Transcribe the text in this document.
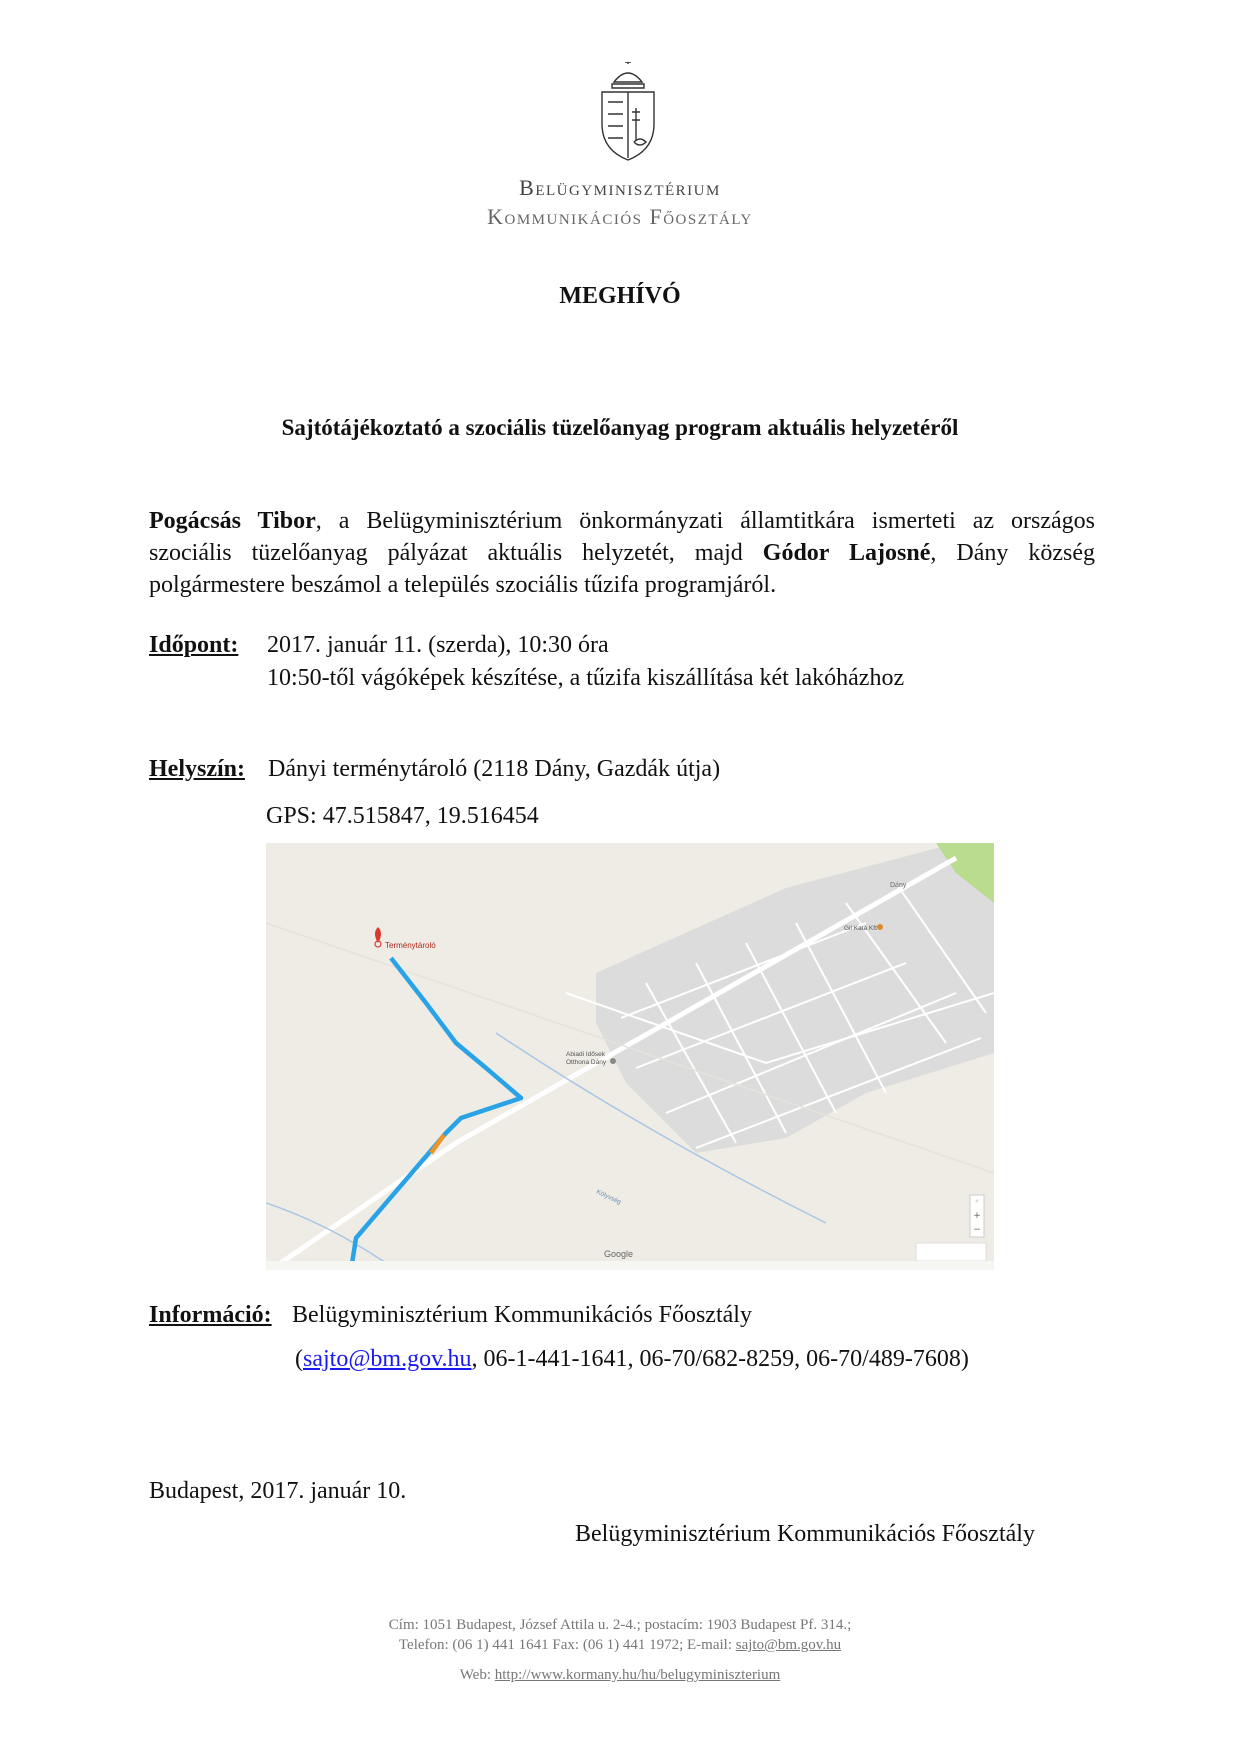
Belügyminisztérium
Kommunikációs Főosztály
MEGHÍVÓ
Sajtótájékoztató a szociális tüzelőanyag program aktuális helyzetéről
Pogácsás Tibor, a Belügyminisztérium önkormányzati államtitkára ismerteti az országos szociális tüzelőanyag pályázat aktuális helyzetét, majd Gódor Lajosné, Dány község polgármestere beszámol a település szociális tűzifa programjáról.
Időpont: 2017. január 11. (szerda), 10:30 óra
10:50-től vágóképek készítése, a tűzifa kiszállítása két lakóházhoz
Helyszín: Dányi terménytároló (2118 Dány, Gazdák útja)
GPS: 47.515847, 19.516454
Terménytároló
Abiadi Idősek
Otthona Dány
Gil Kata Kft
Dány
Kölyvség
Google
◦
+
−
Információ: Belügyminisztérium Kommunikációs Főosztály
(sajto@bm.gov.hu, 06-1-441-1641, 06-70/682-8259, 06-70/489-7608)
Budapest, 2017. január 10.
Belügyminisztérium Kommunikációs Főosztály
Cím: 1051 Budapest, József Attila u. 2-4.; postacím: 1903 Budapest Pf. 314.;
Telefon: (06 1) 441 1641 Fax: (06 1) 441 1972; E-mail: sajto@bm.gov.hu
Web: http://www.kormany.hu/hu/belugyminiszterium
